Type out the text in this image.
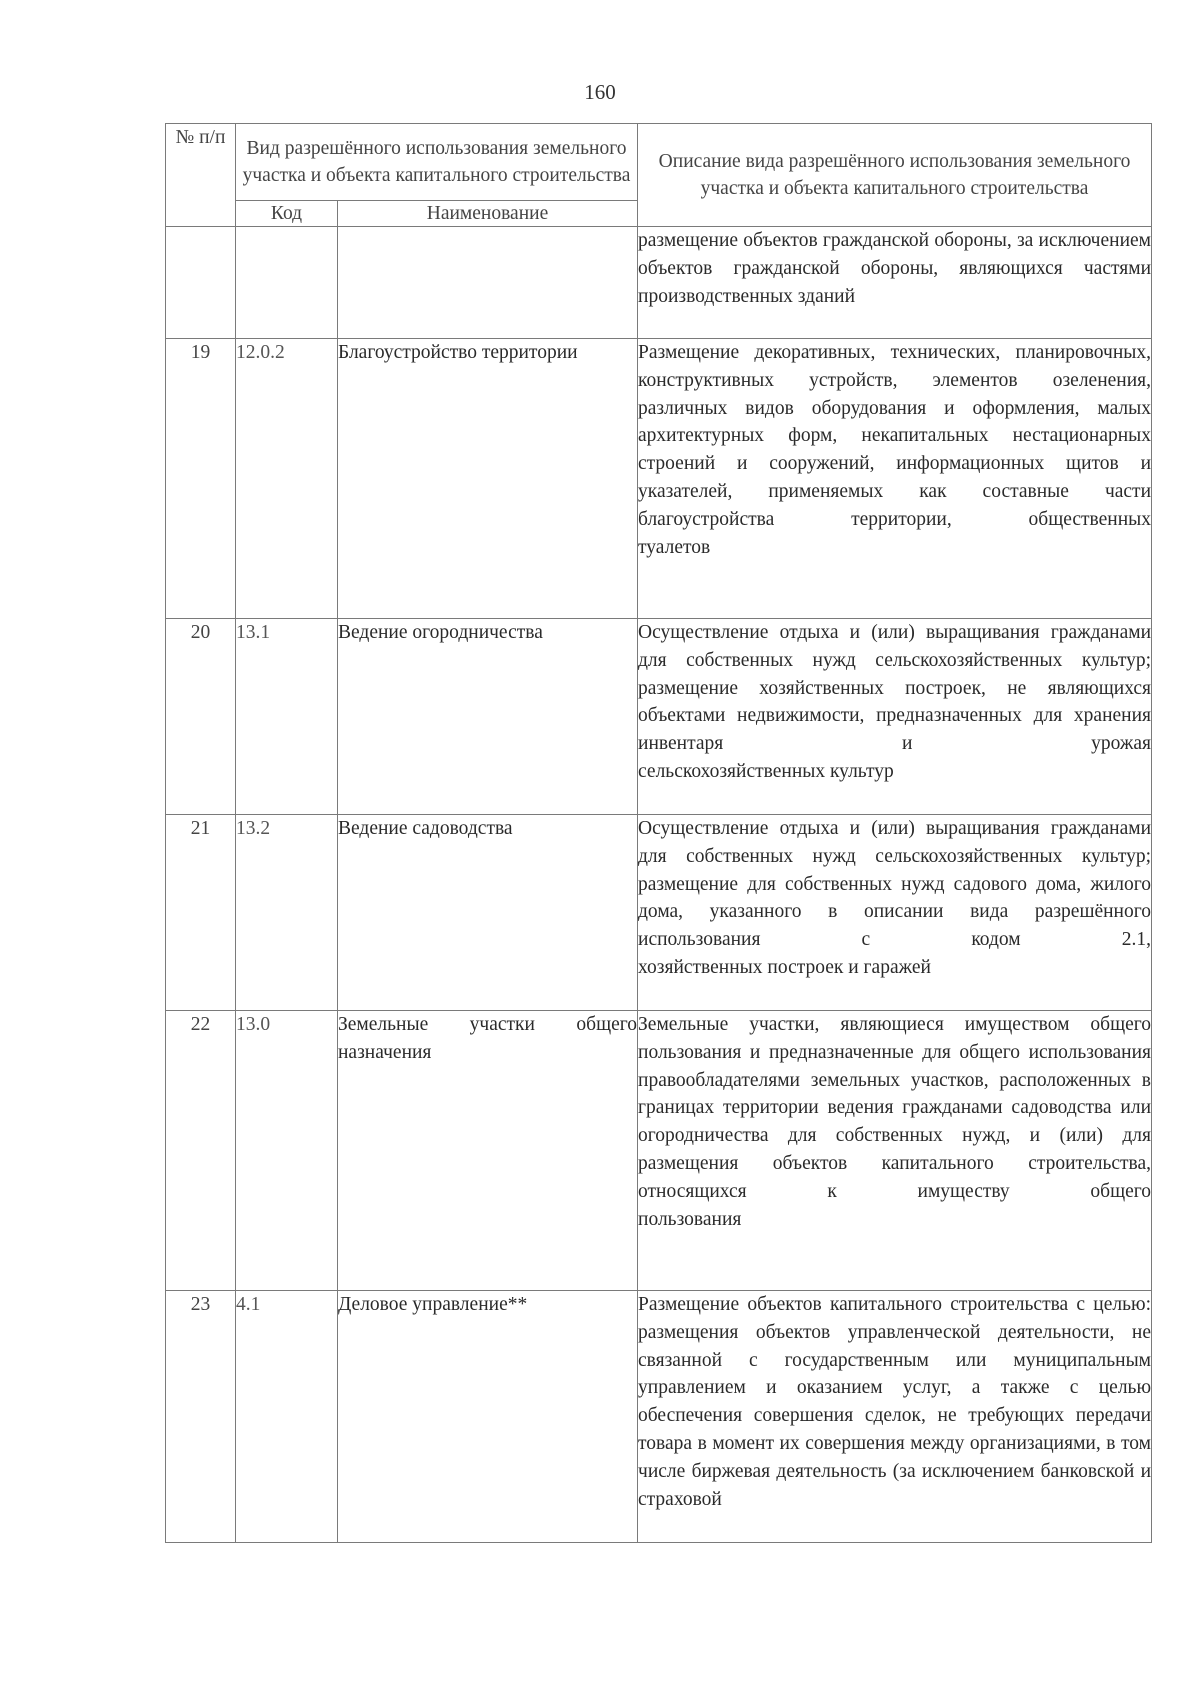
160
№ п/п	Вид разрешённого использования земельного участка и объекта капитального строительства		Описание вида разрешённого использования земельного участка и объекта капитального строительства
	Код	Наименование	
			размещение объектов гражданской обороны, за исключением объектов гражданской обороны, являющихся частями
производственных зданий

19	12.0.2	Благоустройство территории	Размещение декоративных, технических, планировочных, конструктивных устройств, элементов озеленения, различных видов оборудования и оформления, малых архитектурных форм, некапитальных нестационарных строений и сооружений, информационных щитов и указателей, применяемых как составные части благоустройства территории, общественных
туалетов

20	13.1	Ведение огородничества	Осуществление отдыха и (или) выращивания гражданами для собственных нужд сельскохозяйственных культур; размещение хозяйственных построек, не являющихся объектами недвижимости, предназначенных для хранения инвентаря и урожая
сельскохозяйственных культур

21	13.2	Ведение садоводства	Осуществление отдыха и (или) выращивания гражданами для собственных нужд сельскохозяйственных культур; размещение для собственных нужд садового дома, жилого дома, указанного в описании вида разрешённого использования с кодом 2.1,
хозяйственных построек и гаражей

22	13.0	Земельные участки общего назначения	Земельные участки, являющиеся имуществом общего пользования и предназначенные для общего использования правообладателями земельных участков, расположенных в границах территории ведения гражданами садоводства или огородничества для собственных нужд, и (или) для размещения объектов капитального строительства, относящихся к имуществу общего
пользования

23	4.1	Деловое управление**	Размещение объектов капитального строительства с целью: размещения объектов управленческой деятельности, не связанной с государственным или муниципальным управлением и оказанием услуг, а также с целью обеспечения совершения сделок, не требующих передачи товара в момент их совершения между организациями, в том числе биржевая деятельность (за исключением банковской и страховой
